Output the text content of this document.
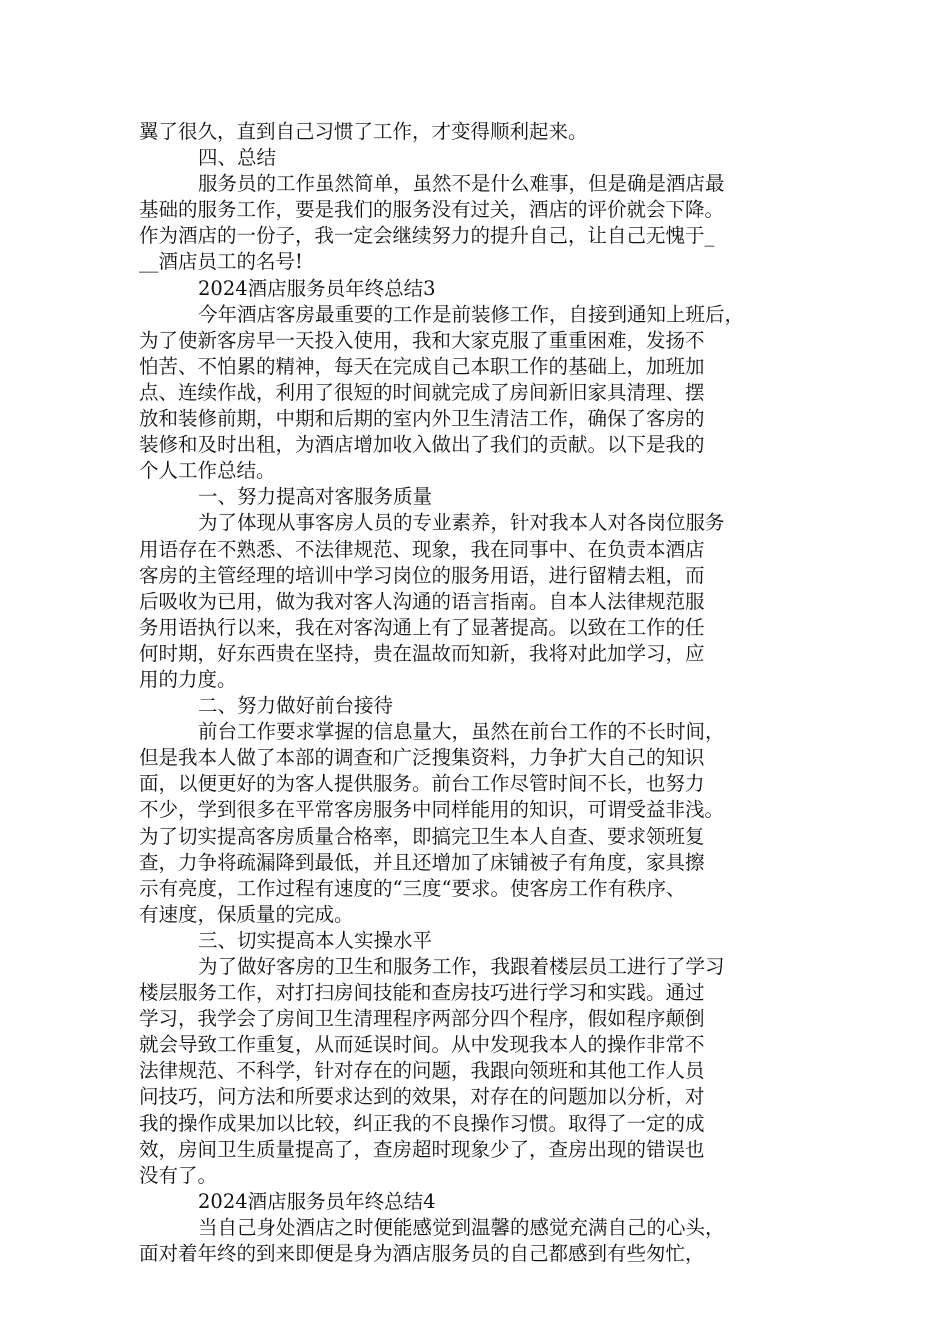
翼了很久，直到自己习惯了工作，才变得顺利起来。
四、总结
服务员的工作虽然简单，虽然不是什么难事，但是确是酒店最
基础的服务工作，要是我们的服务没有过关，酒店的评价就会下降。
作为酒店的一份子，我一定会继续努力的提升自己，让自己无愧于_
__酒店员工的名号!
2024酒店服务员年终总结3
今年酒店客房最重要的工作是前装修工作，自接到通知上班后，
为了使新客房早一天投入使用，我和大家克服了重重困难，发扬不
怕苦、不怕累的精神，每天在完成自己本职工作的基础上，加班加
点、连续作战，利用了很短的时间就完成了房间新旧家具清理、摆
放和装修前期，中期和后期的室内外卫生清洁工作，确保了客房的
装修和及时出租，为酒店增加收入做出了我们的贡献。以下是我的
个人工作总结。
一、努力提高对客服务质量
为了体现从事客房人员的专业素养，针对我本人对各岗位服务
用语存在不熟悉、不法律规范、现象，我在同事中、在负责本酒店
客房的主管经理的培训中学习岗位的服务用语，进行留精去粗，而
后吸收为已用，做为我对客人沟通的语言指南。自本人法律规范服
务用语执行以来，我在对客沟通上有了显著提高。以致在工作的任
何时期，好东西贵在坚持，贵在温故而知新，我将对此加学习，应
用的力度。
二、努力做好前台接待
前台工作要求掌握的信息量大，虽然在前台工作的不长时间，
但是我本人做了本部的调查和广泛搜集资料，力争扩大自己的知识
面，以便更好的为客人提供服务。前台工作尽管时间不长，也努力
不少，学到很多在平常客房服务中同样能用的知识，可谓受益非浅。
为了切实提高客房质量合格率，即搞完卫生本人自查、要求领班复
查，力争将疏漏降到最低，并且还增加了床铺被子有角度，家具擦
示有亮度，工作过程有速度的“三度“要求。使客房工作有秩序、
有速度，保质量的完成。
三、切实提高本人实操水平
为了做好客房的卫生和服务工作，我跟着楼层员工进行了学习
楼层服务工作，对打扫房间技能和查房技巧进行学习和实践。通过
学习，我学会了房间卫生清理程序两部分四个程序，假如程序颠倒
就会导致工作重复，从而延误时间。从中发现我本人的操作非常不
法律规范、不科学，针对存在的问题，我跟向领班和其他工作人员
问技巧，问方法和所要求达到的效果，对存在的问题加以分析，对
我的操作成果加以比较，纠正我的不良操作习惯。取得了一定的成
效，房间卫生质量提高了，查房超时现象少了，查房出现的错误也
没有了。
2024酒店服务员年终总结4
当自己身处酒店之时便能感觉到温馨的感觉充满自己的心头，
面对着年终的到来即便是身为酒店服务员的自己都感到有些匆忙，
